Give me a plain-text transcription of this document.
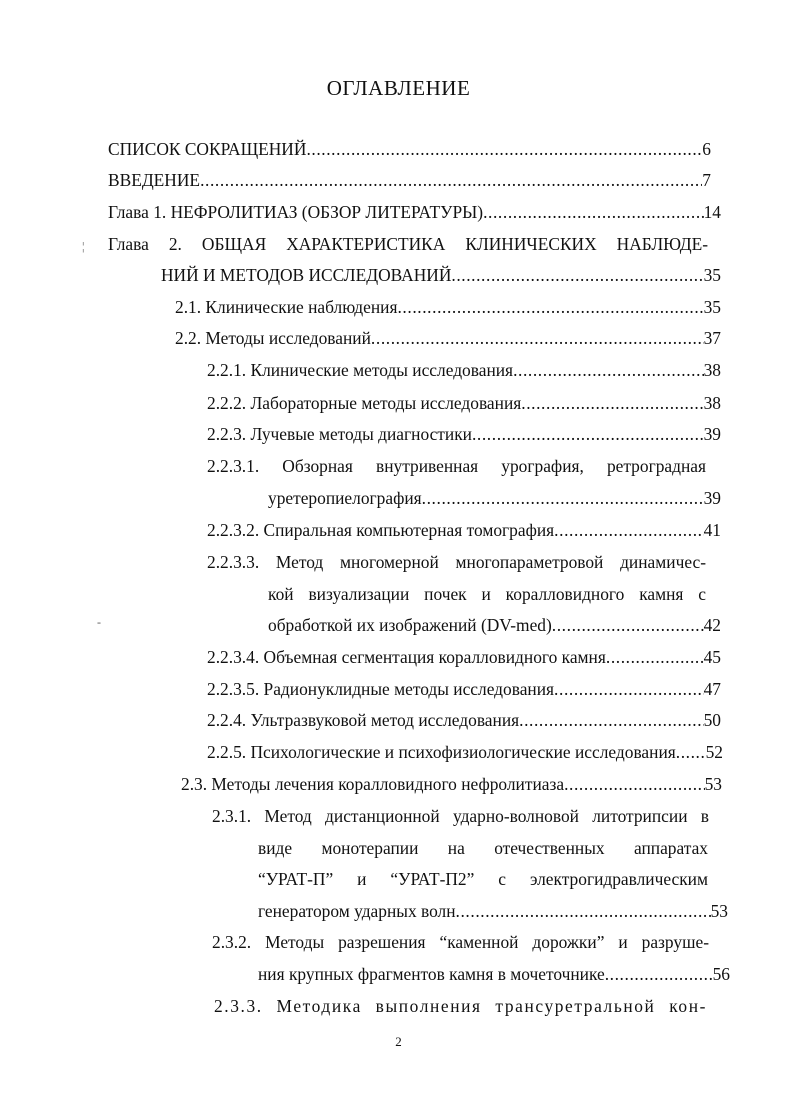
ОГЛАВЛЕНИЕ
¦
-
СПИСОК СОКРАЩЕНИЙ .....	6
ВВЕДЕНИЕ .....	7
Глава 1. НЕФРОЛИТИАЗ (ОБЗОР ЛИТЕРАТУРЫ) .....	14
Глава 2. ОБЩАЯ ХАРАКТЕРИСТИКА КЛИНИЧЕСКИХ НАБЛЮДЕ-
НИЙ И МЕТОДОВ ИССЛЕДОВАНИЙ .....	35
2.1. Клинические наблюдения .....	35
2.2. Методы исследований .....	37
2.2.1. Клинические методы исследования .....	38
2.2.2. Лабораторные методы исследования .....	38
2.2.3. Лучевые методы диагностики .....	39
2.2.3.1. Обзорная внутривенная урография, ретроградная
уретеропиелография .....	39
2.2.3.2. Спиральная компьютерная томография .....	41
2.2.3.3. Метод многомерной многопараметровой динамичес-
кой визуализации почек и коралловидного камня с
обработкой их изображений (DV-med) .....	42
2.2.3.4. Объемная сегментация коралловидного камня .....	45
2.2.3.5. Радионуклидные методы исследования .....	47
2.2.4. Ультразвуковой метод исследования .....	50
2.2.5. Психологические и психофизиологические исследования ..... 52
2.3. Методы лечения коралловидного нефролитиаза .....	53
2.3.1. Метод дистанционной ударно-волновой литотрипсии в
виде монотерапии на отечественных аппаратах
“УРАТ-П” и “УРАТ-П2” с электрогидравлическим
генератором ударных волн .....	53
2.3.2. Методы разрешения “каменной дорожки” и разруше-
ния крупных фрагментов камня в мочеточнике .....	56
2.3.3. Методика выполнения трансуретральной кон-
2
